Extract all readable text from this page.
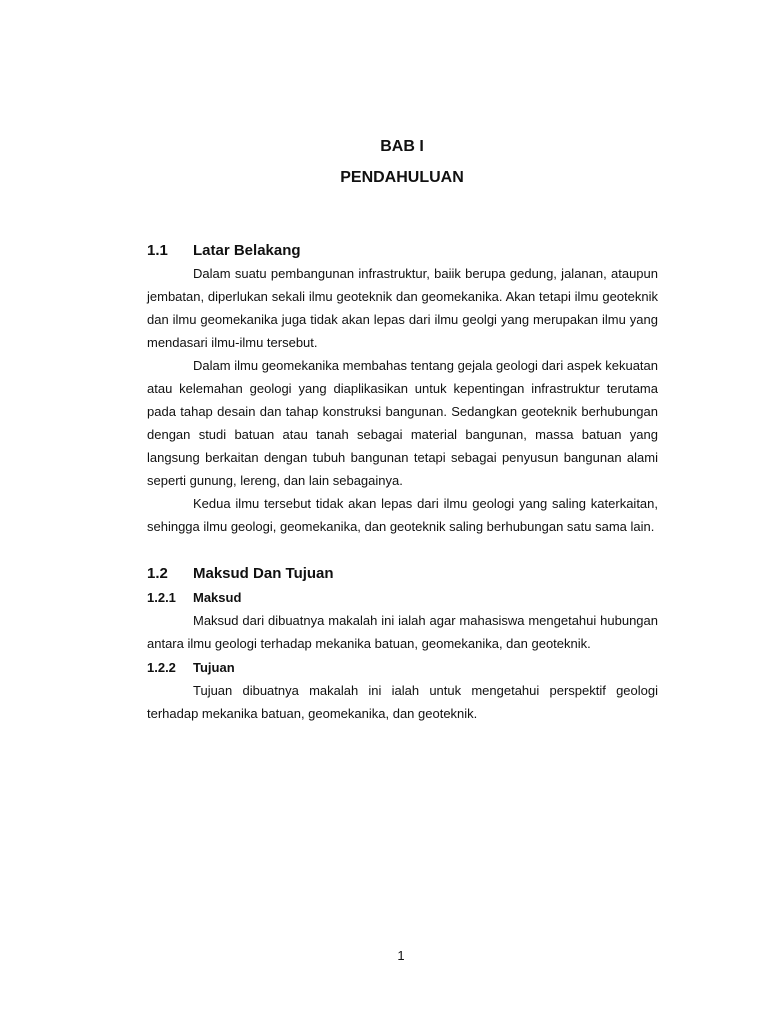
BAB I
PENDAHULUAN
1.1	Latar Belakang

Dalam suatu pembangunan infrastruktur, baiik berupa gedung, jalanan, ataupun jembatan, diperlukan sekali ilmu geoteknik dan geomekanika. Akan tetapi ilmu geoteknik dan ilmu geomekanika juga tidak akan lepas dari ilmu geolgi yang merupakan ilmu yang mendasari ilmu-ilmu tersebut.

Dalam ilmu geomekanika membahas tentang gejala geologi dari aspek kekuatan atau kelemahan geologi yang diaplikasikan untuk kepentingan infrastruktur terutama pada tahap desain dan tahap konstruksi bangunan. Sedangkan geoteknik berhubungan dengan studi batuan atau tanah sebagai material bangunan, massa batuan yang langsung berkaitan dengan tubuh bangunan tetapi sebagai penyusun bangunan alami seperti gunung, lereng, dan lain sebagainya.

Kedua ilmu tersebut tidak akan lepas dari ilmu geologi yang saling katerkaitan, sehingga ilmu geologi, geomekanika, dan geoteknik saling berhubungan satu sama lain.

1.2	Maksud Dan Tujuan
1.2.1	Maksud

Maksud dari dibuatnya makalah ini ialah agar mahasiswa mengetahui hubungan antara ilmu geologi terhadap mekanika batuan, geomekanika, dan geoteknik.

1.2.2	Tujuan

Tujuan dibuatnya makalah ini ialah untuk mengetahui perspektif geologi terhadap mekanika batuan, geomekanika, dan geoteknik.

1
